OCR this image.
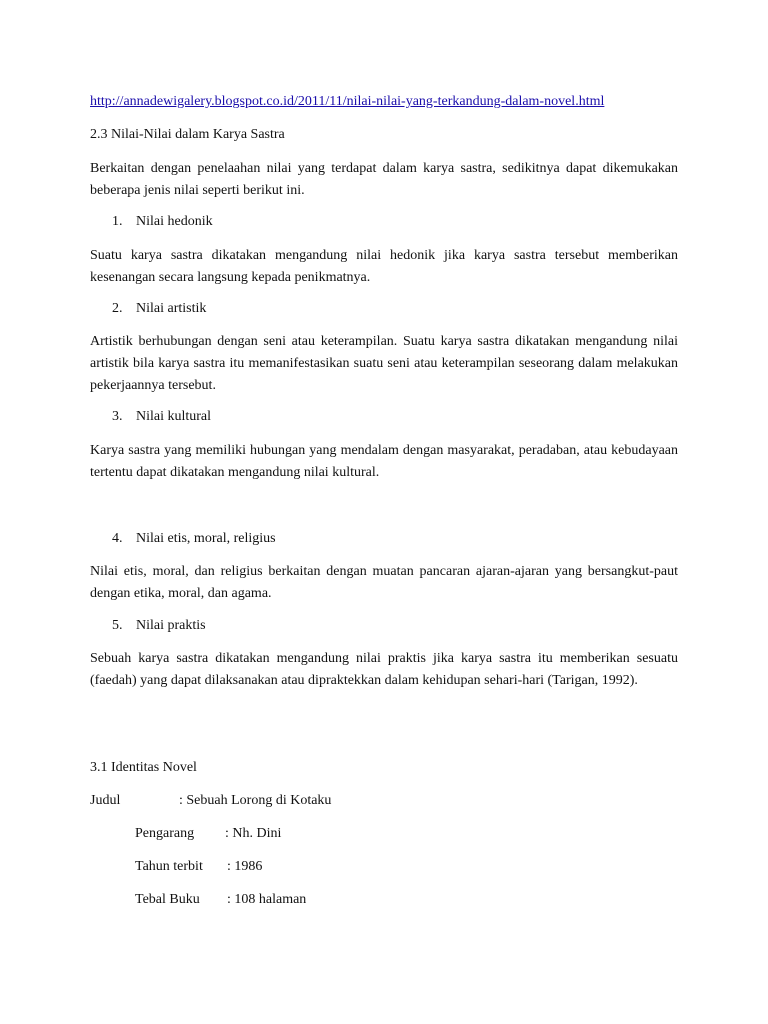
http://annadewigalery.blogspot.co.id/2011/11/nilai-nilai-yang-terkandung-dalam-novel.html

2.3 Nilai-Nilai dalam Karya Sastra

Berkaitan dengan penelaahan nilai yang terdapat dalam karya sastra, sedikitnya dapat dikemukakan beberapa jenis nilai seperti berikut ini.

1. Nilai hedonik

Suatu karya sastra dikatakan mengandung nilai hedonik jika karya sastra tersebut memberikan kesenangan secara langsung kepada penikmatnya.

2. Nilai artistik

Artistik berhubungan dengan seni atau keterampilan. Suatu karya sastra dikatakan mengandung nilai artistik bila karya sastra itu memanifestasikan suatu seni atau keterampilan seseorang dalam melakukan pekerjaannya tersebut.

3. Nilai kultural

Karya sastra yang memiliki hubungan yang mendalam dengan masyarakat, peradaban, atau kebudayaan tertentu dapat dikatakan mengandung nilai kultural.

4. Nilai etis, moral, religius

Nilai etis, moral, dan religius berkaitan dengan muatan pancaran ajaran-ajaran yang bersangkut-paut dengan etika, moral, dan agama.

5. Nilai praktis

Sebuah karya sastra dikatakan mengandung nilai praktis jika karya sastra itu memberikan sesuatu (faedah) yang dapat dilaksanakan atau dipraktekkan dalam kehidupan sehari-hari (Tarigan, 1992).

3.1 Identitas Novel

Judul	: Sebuah Lorong di Kotaku
Pengarang : Nh. Dini
Tahun terbit : 1986
Tebal Buku : 108 halaman
